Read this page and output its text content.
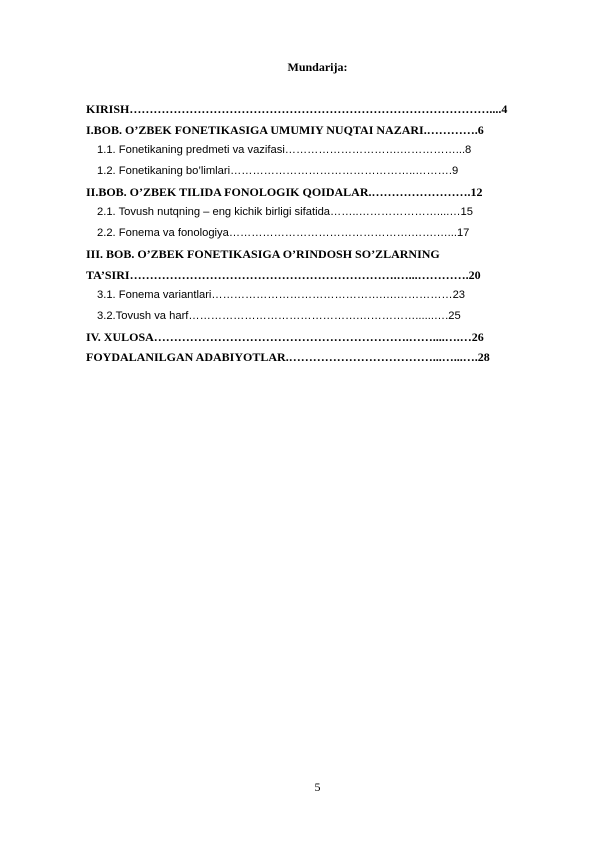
Mundarija:
KIRISH………………………………………………………………………………....4
I.BOB. O’ZBEK FONETIKASIGA UMUMIY NUQTAI NAZARI.………….6
1.1. Fonetikaning predmeti va vazifasi………………………….……………...8
1.2. Fonetikaning bo’limlari…………………………………………..……….9
II.BOB. O’ZBEK TILIDA FONOLOGIK QOIDALAR.…………………….12
2.1. Tovush nutqning – eng kichik birligi sifatida……..…………………....…15
2.2. Fonema va fonologiya………………………………………….…….…...17
III. BOB. O’ZBEK FONETIKASIGA O’RINDOSH SO’ZLARNING
TA’SIRI………………………………………………………….…...………….20
3.1. Fonema variantlari……………………………………….….……………23
3.2.Tovush va harf……………………………………….……………......….25
IV. XULOSA……………………………………………………….……....….…26
FOYDALANILGAN ADABIYOTLAR.………………………………...…...….28
5
